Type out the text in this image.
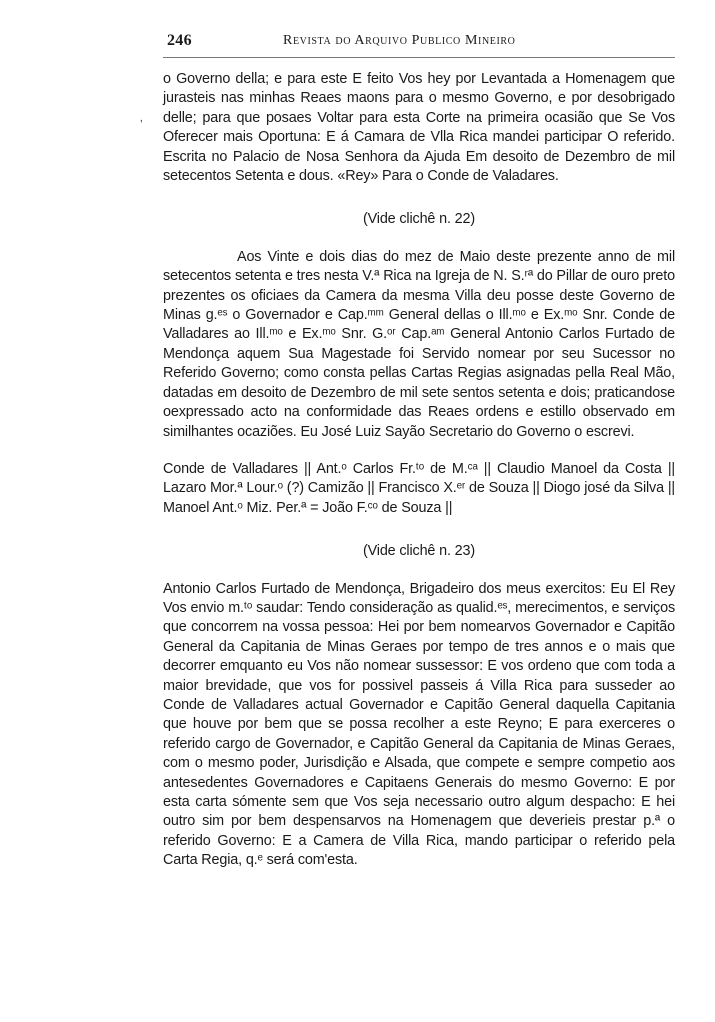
‚
246	Revista do Arquivo Publico Mineiro

o Governo della; e para este E feito Vos hey por Levantada a Homenagem que jurasteis nas minhas Reaes maons para o mesmo Governo, e por desobrigado delle; para que posaes Voltar para esta Corte na primeira ocasião que Se Vos Oferecer mais Oportuna: E á Camara de Vlla Rica mandei participar O referido. Escrita no Palacio de Nosa Senhora da Ajuda Em desoito de Dezembro de mil setecentos Setenta e dous. «Rey» Para o Conde de Valadares.

(Vide clichê n. 22)

Aos Vinte e dois dias do mez de Maio deste prezente anno de mil setecentos setenta e tres nesta V.ª Rica na Igreja de N. S.ʳª do Pillar de ouro preto prezentes os oficiaes da Camera da mesma Villa deu posse deste Governo de Minas g.ᵉˢ o Governador e Cap.ᵐᵐ General dellas o Ill.ᵐᵒ e Ex.ᵐᵒ Snr. Conde de Valladares ao Ill.ᵐᵒ e Ex.ᵐᵒ Snr. G.ᵒʳ Cap.ᵃᵐ General Antonio Carlos Furtado de Mendonça aquem Sua Magestade foi Servido nomear por seu Sucessor no Referido Governo; como consta pellas Cartas Regias asignadas pella Real Mão, datadas em desoito de Dezembro de mil sete sentos setenta e dois; praticandose oexpressado acto na conformidade das Reaes ordens e estillo observado em similhantes ocaziões. Eu José Luiz Sayão Secretario do Governo o escrevi.

Conde de Valladares || Ant.ᵒ Carlos Fr.ᵗᵒ de M.ᶜᵃ || Claudio Manoel da Costa || Lazaro Mor.ª Lour.ᵒ (?) Camizão || Francisco X.ᵉʳ de Souza || Diogo josé da Silva || Manoel Ant.ᵒ Miz. Per.ª = João F.ᶜᵒ de Souza ||

(Vide clichê n. 23)

Antonio Carlos Furtado de Mendonça, Brigadeiro dos meus exercitos: Eu El Rey Vos envio m.ᵗᵒ saudar: Tendo consideração as qualid.ᵉˢ, merecimentos, e serviços que concorrem na vossa pessoa: Hei por bem nomearvos Governador e Capitão General da Capitania de Minas Geraes por tempo de tres annos e o mais que decorrer emquanto eu Vos não nomear sussessor: E vos ordeno que com toda a maior brevidade, que vos for possivel passeis á Villa Rica para susseder ao Conde de Valladares actual Governador e Capitão General daquella Capitania que houve por bem que se possa recolher a este Reyno; E para exerceres o referido cargo de Governador, e Capitão General da Capitania de Minas Geraes, com o mesmo poder, Jurisdição e Alsada, que compete e sempre competio aos antesedentes Governadores e Capitaens Generais do mesmo Governo: E por esta carta sómente sem que Vos seja necessario outro algum despacho: E hei outro sim por bem despensarvos na Homenagem que deverieis prestar p.ª o referido Governo: E a Camera de Villa Rica, mando participar o referido pela Carta Regia, q.ᵉ será com'esta.
